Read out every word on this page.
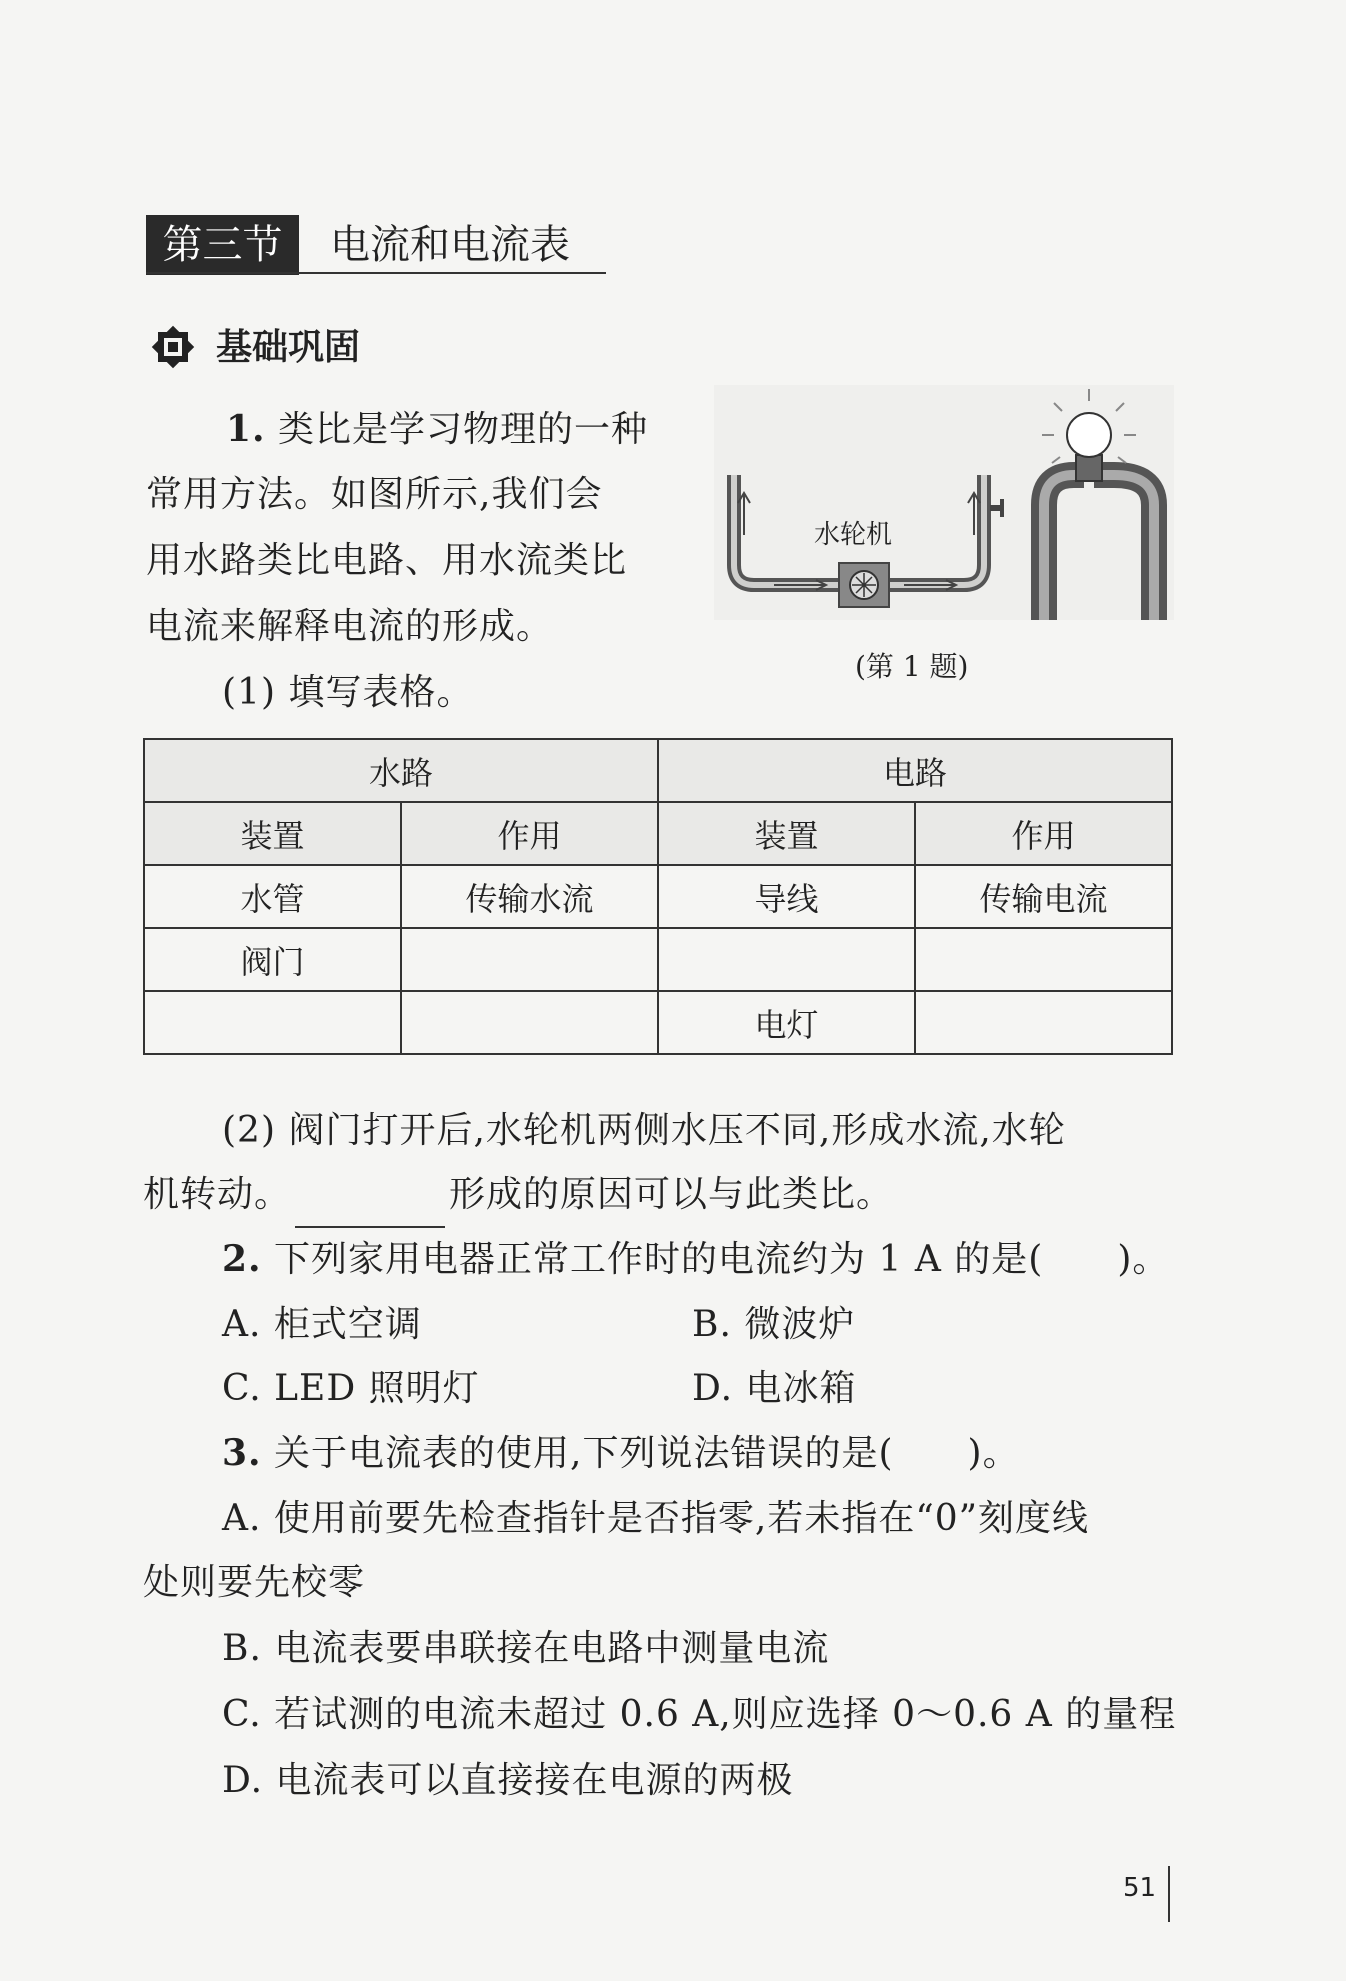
第三节	电流和电流表
基础巩固
1. 类比是学习物理的一种
常用方法。如图所示,我们会
用水路类比电路、用水流类比
电流来解释电流的形成。
(1) 填写表格。
水轮机
(第 1 题)
水路		电路	
装置	作用	装置	作用
水管	传输水流	导线	传输电流
阀门			
		电灯	
(2) 阀门打开后,水轮机两侧水压不同,形成水流,水轮
机转动。	形成的原因可以与此类比。
2. 下列家用电器正常工作时的电流约为 1 A 的是(　　)。
A. 柜式空调	B. 微波炉
C. LED 照明灯	D. 电冰箱
3. 关于电流表的使用,下列说法错误的是(　　)。
A. 使用前要先检查指针是否指零,若未指在“0”刻度线
处则要先校零
B. 电流表要串联接在电路中测量电流
C. 若试测的电流未超过 0.6 A,则应选择 0～0.6 A 的量程
D. 电流表可以直接接在电源的两极
51
